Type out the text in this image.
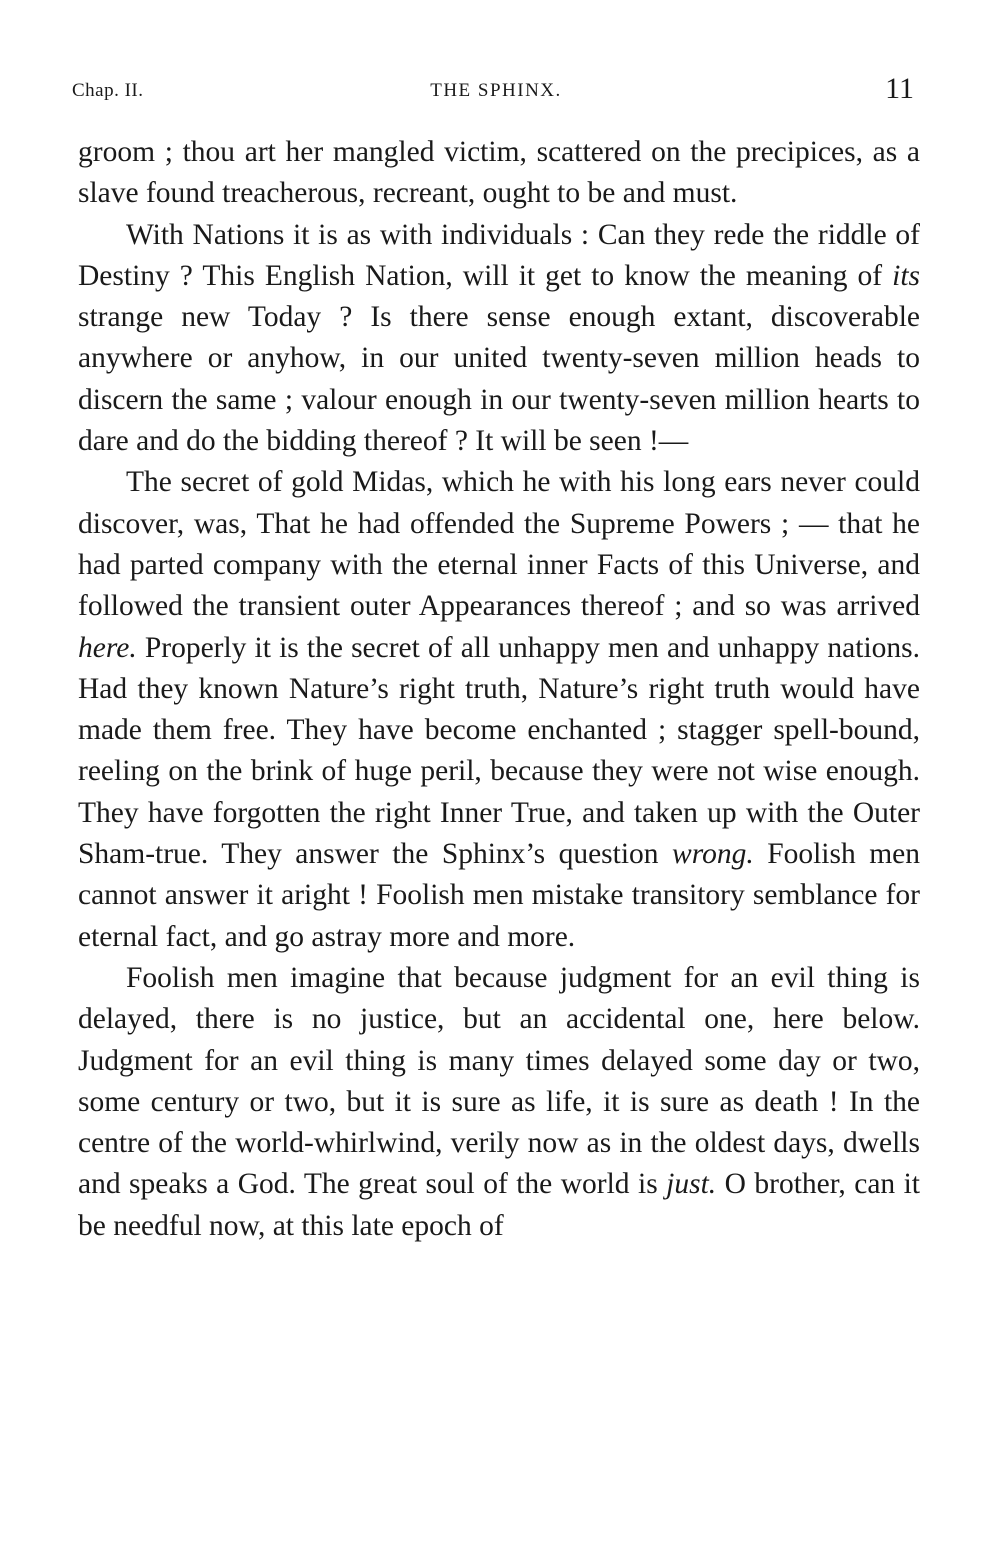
Chap. II.	THE SPHINX.	11

groom ; thou art her mangled victim, scattered on the precipices, as a slave found treacherous, recreant, ought to be and must.

With Nations it is as with individuals : Can they rede the riddle of Destiny ? This English Nation, will it get to know the meaning of its strange new Today ? Is there sense enough extant, discoverable anywhere or anyhow, in our united twenty-seven million heads to discern the same ; valour enough in our twenty-seven million hearts to dare and do the bidding thereof ? It will be seen !—

The secret of gold Midas, which he with his long ears never could discover, was, That he had offended the Supreme Powers ; — that he had parted company with the eternal inner Facts of this Universe, and followed the transient outer Appearances thereof ; and so was arrived here. Properly it is the secret of all unhappy men and unhappy nations. Had they known Nature’s right truth, Nature’s right truth would have made them free. They have become enchanted ; stagger spell-bound, reeling on the brink of huge peril, because they were not wise enough. They have forgotten the right Inner True, and taken up with the Outer Sham-true. They answer the Sphinx’s question wrong. Foolish men cannot answer it aright ! Foolish men mistake transitory semblance for eternal fact, and go astray more and more.

Foolish men imagine that because judgment for an evil thing is delayed, there is no justice, but an accidental one, here below. Judgment for an evil thing is many times delayed some day or two, some century or two, but it is sure as life, it is sure as death ! In the centre of the world-whirlwind, verily now as in the oldest days, dwells and speaks a God. The great soul of the world is just. O brother, can it be needful now, at this late epoch of
